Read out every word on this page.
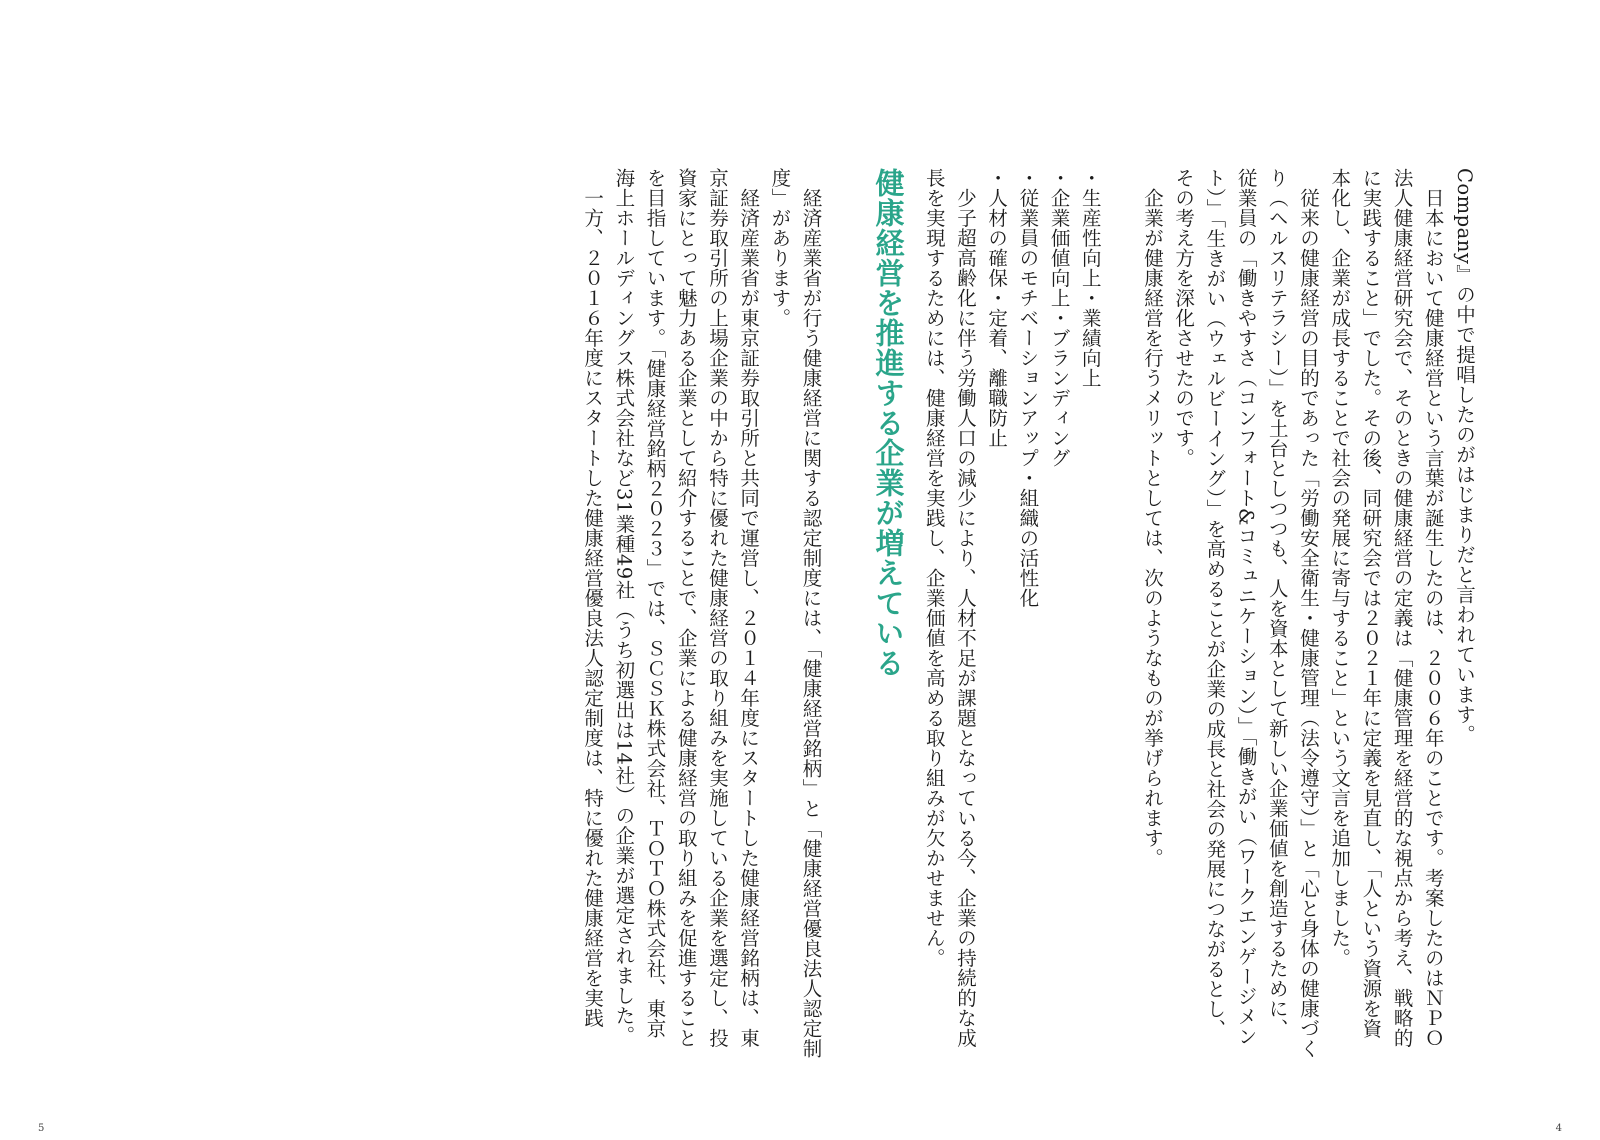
Company』の中で提唱したのがはじまりだと言われています。

日本において健康経営という言葉が誕生したのは、２００６年のことです。考案したのはＮＰＯ法人健康経営研究会で、そのときの健康経営の定義は「健康管理を経営的な視点から考え、戦略的に実践すること」でした。その後、同研究会では２０２１年に定義を見直し、「人という資源を資本化し、企業が成長することで社会の発展に寄与すること」という文言を追加しました。

従来の健康経営の目的であった「労働安全衛生・健康管理（法令遵守）」と「心と身体の健康づくり（ヘルスリテラシー）」を土台としつつも、人を資本として新しい企業価値を創造するために、従業員の「働きやすさ（コンフォート&コミュニケーション）」「働きがい（ワークエンゲージメント）」「生きがい（ウェルビーイング）」を高めることが企業の成長と社会の発展につながるとし、その考え方を深化させたのです。

企業が健康経営を行うメリットとしては、次のようなものが挙げられます。

・生産性向上・業績向上

・企業価値向上・ブランディング

・従業員のモチベーションアップ・組織の活性化

・人材の確保・定着、離職防止

少子超高齢化に伴う労働人口の減少により、人材不足が課題となっている今、企業の持続的な成長を実現するためには、健康経営を実践し、企業価値を高める取り組みが欠かせません。

健康経営を推進する企業が増えている

経済産業省が行う健康経営に関する認定制度には、「健康経営銘柄」と「健康経営優良法人認定制度」があります。

経済産業省が東京証券取引所と共同で運営し、２０１４年度にスタートした健康経営銘柄は、東京証券取引所の上場企業の中から特に優れた健康経営の取り組みを実施している企業を選定し、投資家にとって魅力ある企業として紹介することで、企業による健康経営の取り組みを促進することを目指しています。「健康経営銘柄２０２３」では、ＳＣＳＫ株式会社、ＴＯＴＯ株式会社、東京海上ホールディングス株式会社など31業種49社（うち初選出は14社）の企業が選定されました。

一方、２０１６年度にスタートした健康経営優良法人認定制度は、特に優れた健康経営を実践

5	4
